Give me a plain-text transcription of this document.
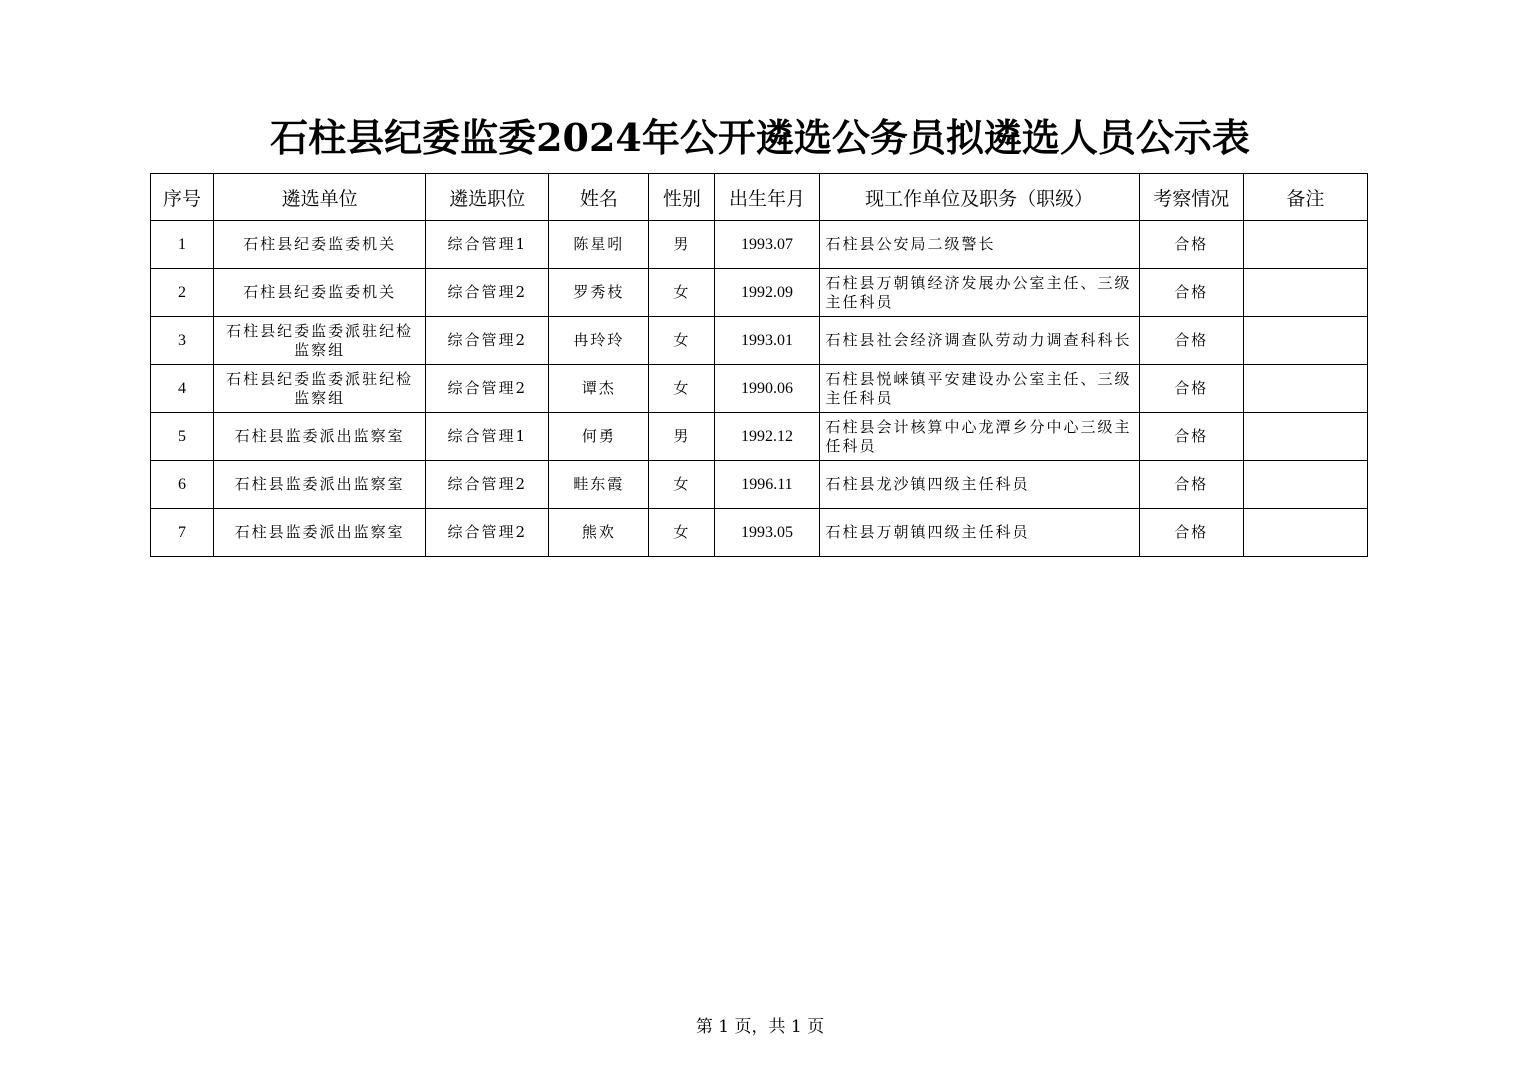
石柱县纪委监委2024年公开遴选公务员拟遴选人员公示表
序号	遴选单位	遴选职位	姓名	性别	出生年月	现工作单位及职务（职级）	考察情况	备注
1	石柱县纪委监委机关	综合管理1	陈星吲	男	1993.07	石柱县公安局二级警长	合格	
2	石柱县纪委监委机关	综合管理2	罗秀枝	女	1992.09	石柱县万朝镇经济发展办公室主任、三级主任科员	合格	
3	石柱县纪委监委派驻纪检监察组	综合管理2	冉玲玲	女	1993.01	石柱县社会经济调查队劳动力调查科科长	合格	
4	石柱县纪委监委派驻纪检监察组	综合管理2	谭杰	女	1990.06	石柱县悦崃镇平安建设办公室主任、三级主任科员	合格	
5	石柱县监委派出监察室	综合管理1	何勇	男	1992.12	石柱县会计核算中心龙潭乡分中心三级主任科员	合格	
6	石柱县监委派出监察室	综合管理2	畦东霞	女	1996.11	石柱县龙沙镇四级主任科员	合格	
7	石柱县监委派出监察室	综合管理2	熊欢	女	1993.05	石柱县万朝镇四级主任科员	合格	
第 1 页，共 1 页
